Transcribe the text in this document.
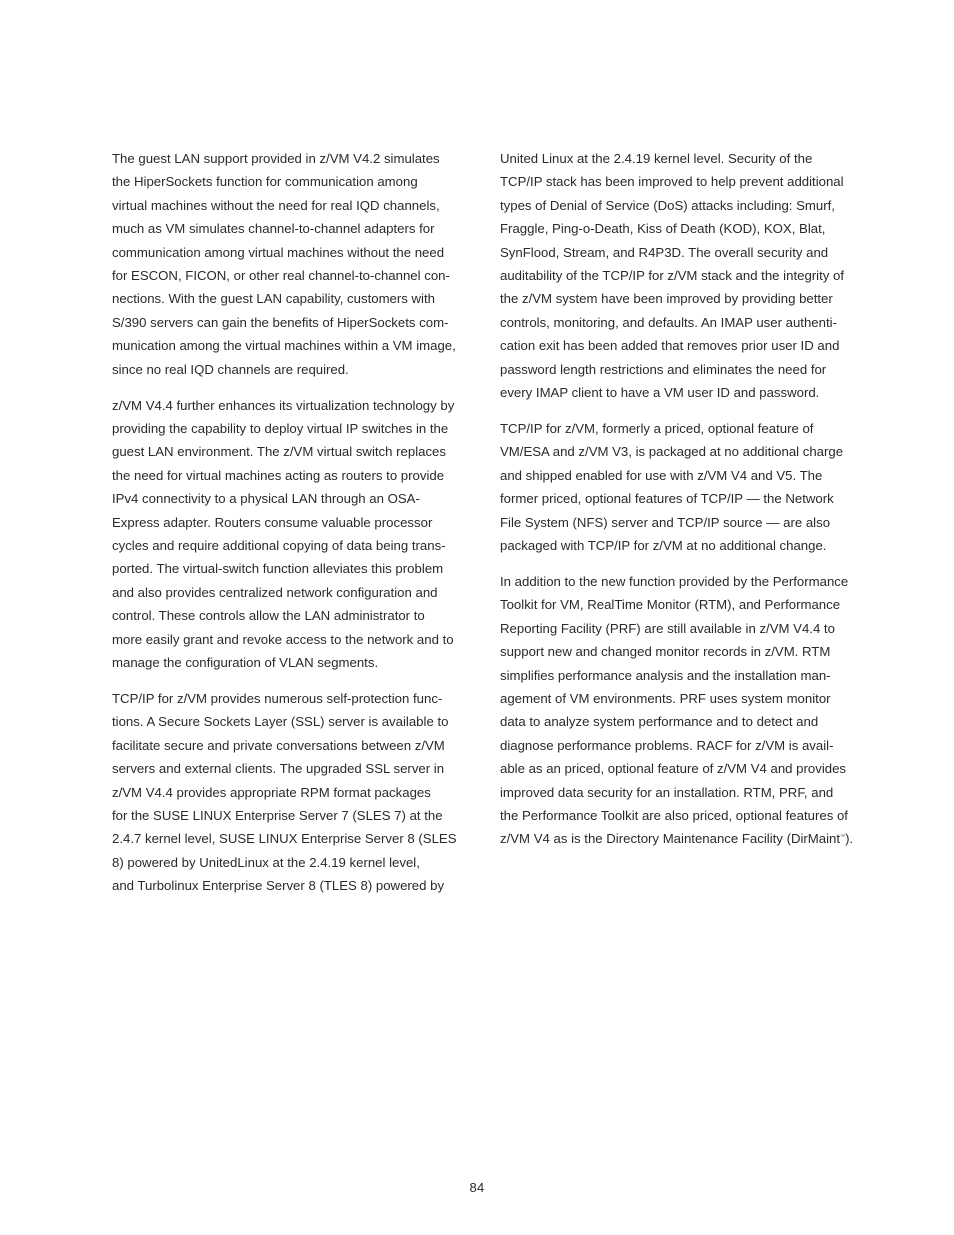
The guest LAN support provided in z/VM V4.2 simulates
the HiperSockets function for communication among
virtual machines without the need for real IQD channels,
much as VM simulates channel-to-channel adapters for
communication among virtual machines without the need
for ESCON, FICON, or other real channel-to-channel con-
nections. With the guest LAN capability, customers with
S/390 servers can gain the benefits of HiperSockets com-
munication among the virtual machines within a VM image,
since no real IQD channels are required.

z/VM V4.4 further enhances its virtualization technology by
providing the capability to deploy virtual IP switches in the
guest LAN environment. The z/VM virtual switch replaces
the need for virtual machines acting as routers to provide
IPv4 connectivity to a physical LAN through an OSA-
Express adapter. Routers consume valuable processor
cycles and require additional copying of data being trans-
ported. The virtual-switch function alleviates this problem
and also provides centralized network configuration and
control. These controls allow the LAN administrator to
more easily grant and revoke access to the network and to
manage the configuration of VLAN segments.

TCP/IP for z/VM provides numerous self-protection func-
tions. A Secure Sockets Layer (SSL) server is available to
facilitate secure and private conversations between z/VM
servers and external clients. The upgraded SSL server in
z/VM V4.4 provides appropriate RPM format packages
for the SUSE LINUX Enterprise Server 7 (SLES 7) at the
2.4.7 kernel level, SUSE LINUX Enterprise Server 8 (SLES
8) powered by UnitedLinux at the 2.4.19 kernel level,
and Turbolinux Enterprise Server 8 (TLES 8) powered by

United Linux at the 2.4.19 kernel level. Security of the
TCP/IP stack has been improved to help prevent additional
types of Denial of Service (DoS) attacks including: Smurf,
Fraggle, Ping-o-Death, Kiss of Death (KOD), KOX, Blat,
SynFlood, Stream, and R4P3D. The overall security and
auditability of the TCP/IP for z/VM stack and the integrity of
the z/VM system have been improved by providing better
controls, monitoring, and defaults. An IMAP user authenti-
cation exit has been added that removes prior user ID and
password length restrictions and eliminates the need for
every IMAP client to have a VM user ID and password.

TCP/IP for z/VM, formerly a priced, optional feature of
VM/ESA and z/VM V3, is packaged at no additional charge
and shipped enabled for use with z/VM V4 and V5. The
former priced, optional features of TCP/IP — the Network
File System (NFS) server and TCP/IP source — are also
packaged with TCP/IP for z/VM at no additional change.

In addition to the new function provided by the Performance
Toolkit for VM, RealTime Monitor (RTM), and Performance
Reporting Facility (PRF) are still available in z/VM V4.4 to
support new and changed monitor records in z/VM. RTM
simplifies performance analysis and the installation man-
agement of VM environments. PRF uses system monitor
data to analyze system performance and to detect and
diagnose performance problems. RACF for z/VM is avail-
able as an priced, optional feature of z/VM V4 and provides
improved data security for an installation. RTM, PRF, and
the Performance Toolkit are also priced, optional features of
z/VM V4 as is the Directory Maintenance Facility (DirMaint™).

84
